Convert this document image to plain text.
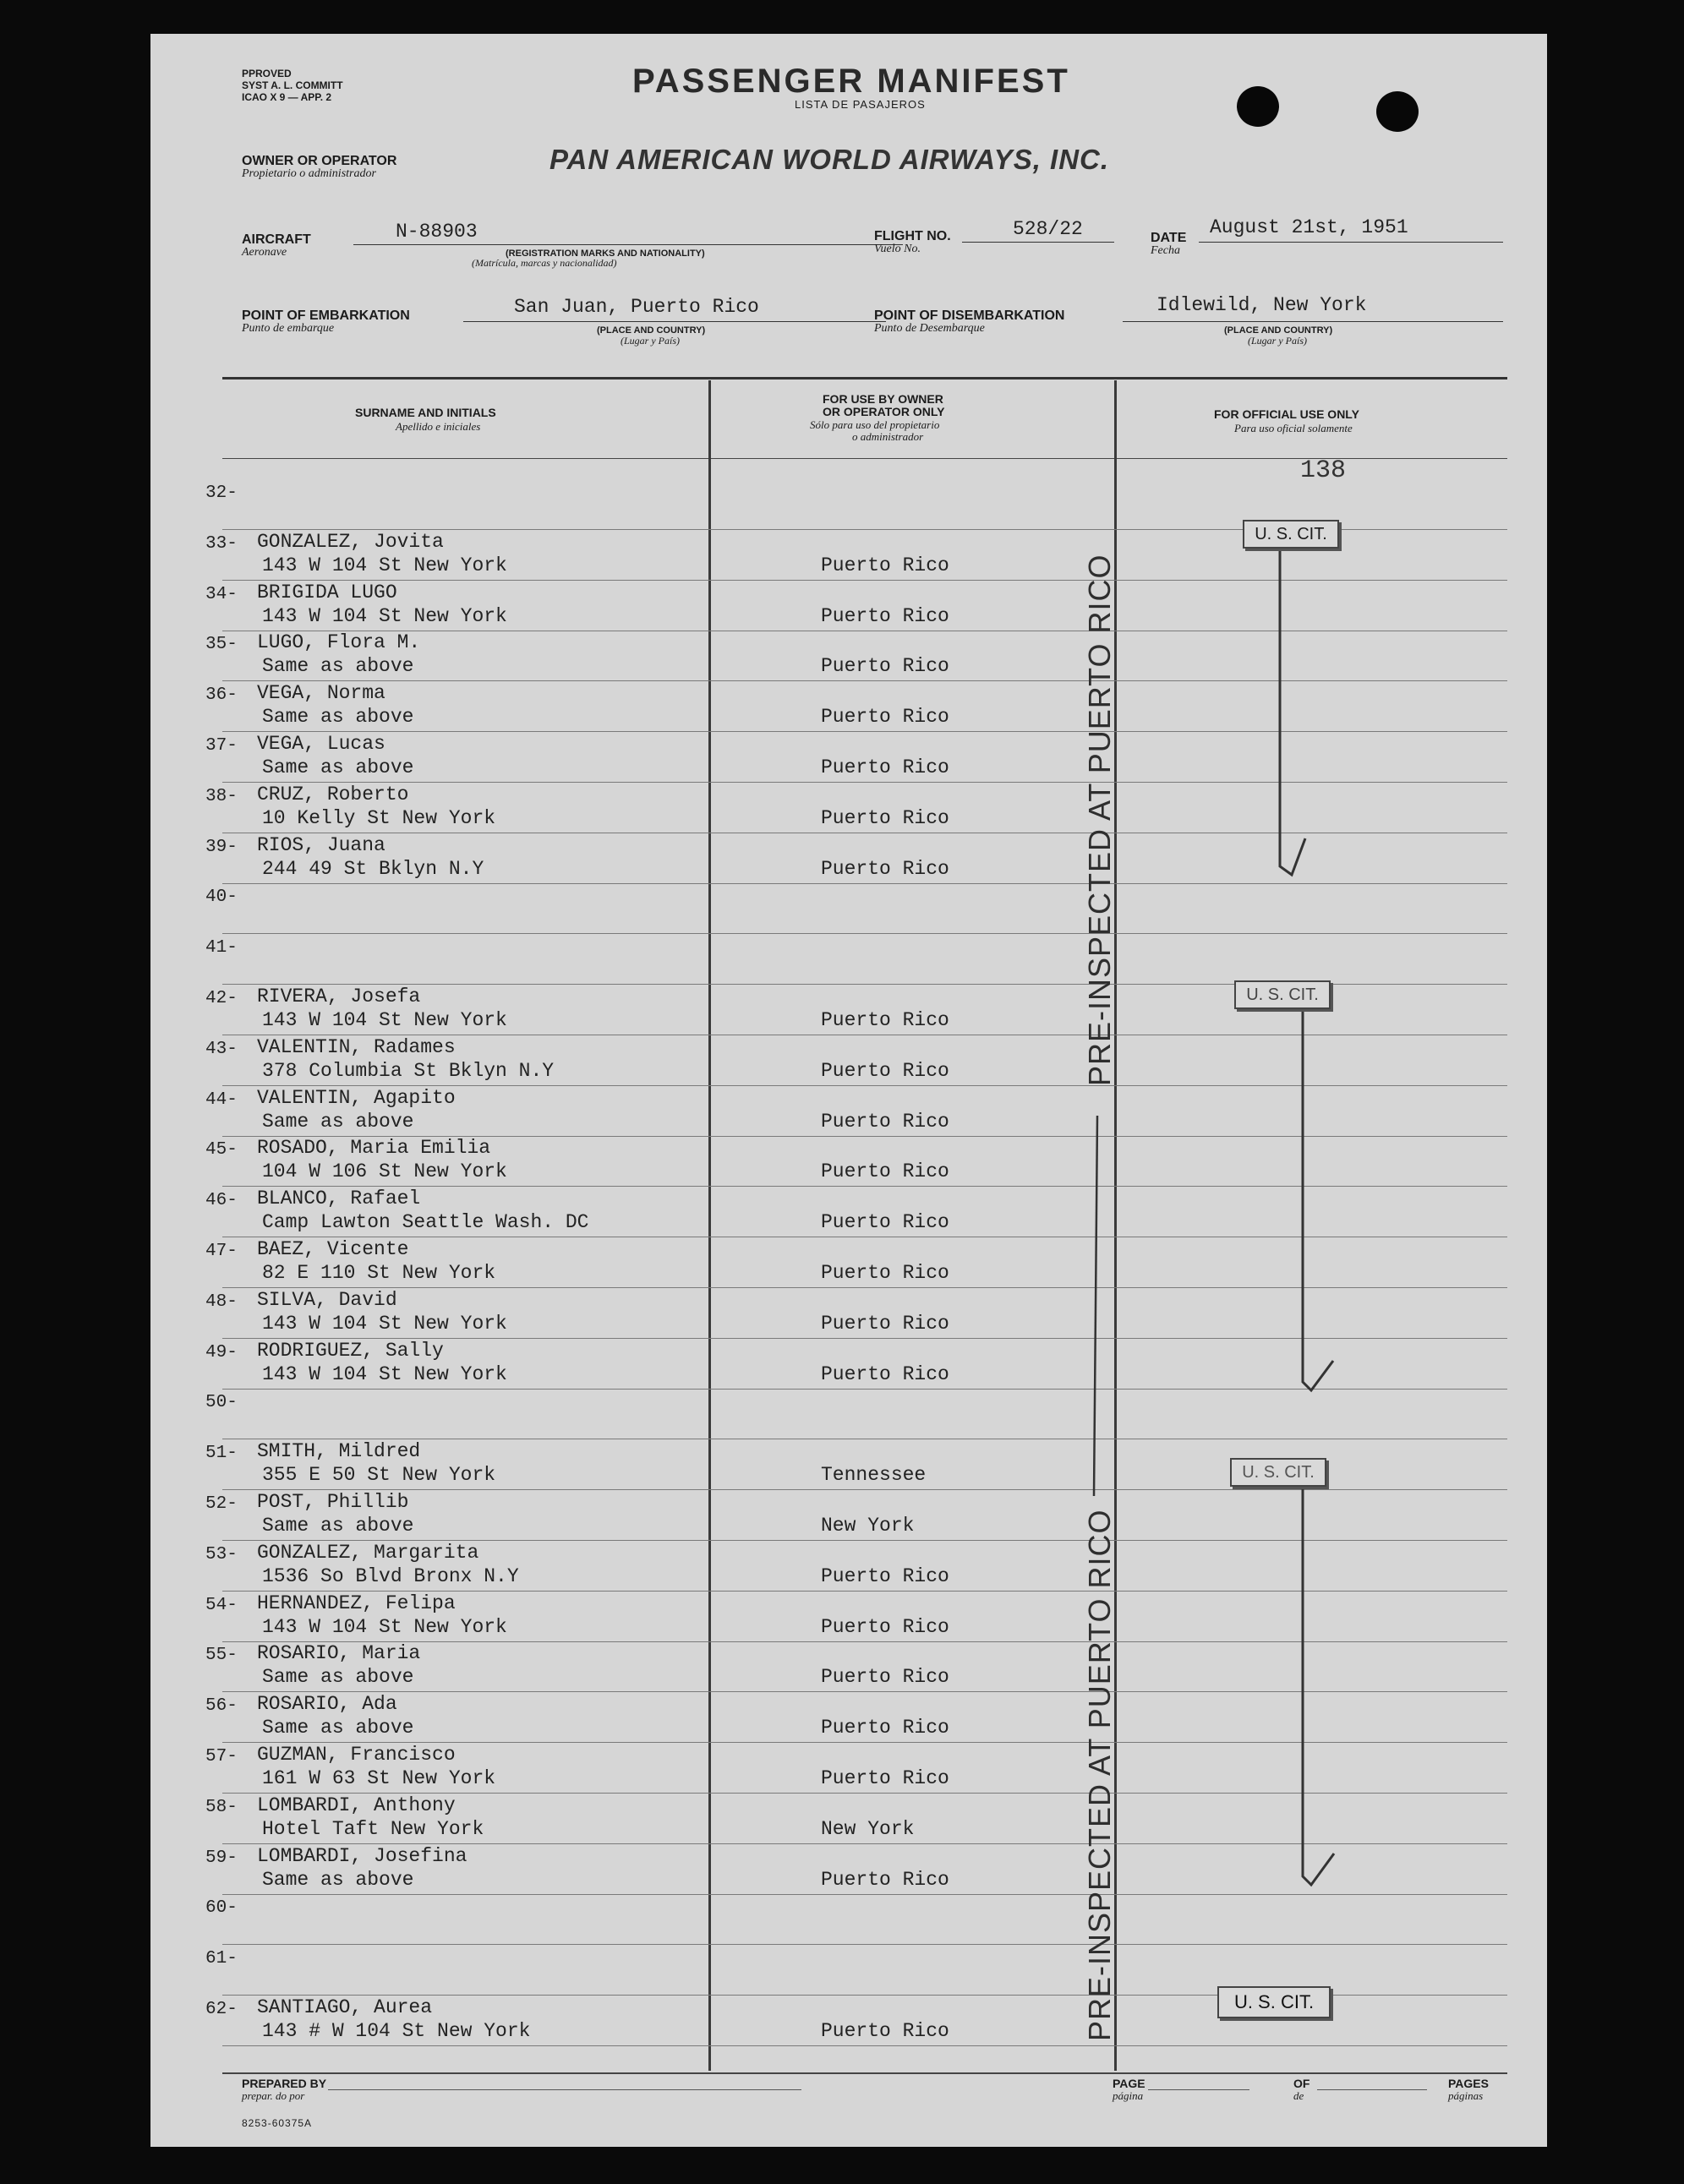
PPROVED
SYST A. L. COMMITT
ICAO X 9 — APP. 2	PASSENGER MANIFEST
LISTA DE PASAJEROS
OWNER OR OPERATOR
Propietario o administrador	PAN AMERICAN WORLD AIRWAYS, INC.
AIRCRAFT
Aeronave
N-88903
(REGISTRATION MARKS AND NATIONALITY)
(Matrícula, marcas y nacionalidad)
FLIGHT NO.
Vuelo No.
528/22	DATE
Fecha
August 21st, 1951
POINT OF EMBARKATION
Punto de embarque
San Juan, Puerto Rico
(PLACE AND COUNTRY)
(Lugar y País)
POINT OF DISEMBARKATION
Punto de Desembarque
Idlewild, New York
(PLACE AND COUNTRY)
(Lugar y País)
SURNAME AND INITIALS
Apellido e iniciales
FOR USE BY OWNER
OR OPERATOR ONLY
Sólo para uso del propietario
o administrador
FOR OFFICIAL USE ONLY
Para uso oficial solamente
138
32-
33- GONZALEZ, Jovita
143 W 104 St New York	Puerto Rico
34- BRIGIDA LUGO
143 W 104 St New York	Puerto Rico
35- LUGO, Flora M.
Same as above	Puerto Rico
36- VEGA, Norma
Same as above	Puerto Rico
37- VEGA, Lucas
Same as above	Puerto Rico
38- CRUZ, Roberto
10 Kelly St New York	Puerto Rico
39- RIOS, Juana
244 49 St Bklyn N.Y	Puerto Rico
40-
41-
42- RIVERA, Josefa
143 W 104 St New York	Puerto Rico
43- VALENTIN, Radames
378 Columbia St Bklyn N.Y	Puerto Rico
44- VALENTIN, Agapito
Same as above	Puerto Rico
45- ROSADO, Maria Emilia
104 W 106 St New York	Puerto Rico
46- BLANCO, Rafael
Camp Lawton Seattle Wash. DC	Puerto Rico
47- BAEZ, Vicente
82 E 110 St New York	Puerto Rico
48- SILVA, David
143 W 104 St New York	Puerto Rico
49- RODRIGUEZ, Sally
143 W 104 St New York	Puerto Rico
50-
51- SMITH, Mildred
355 E 50 St New York	Tennessee
52- POST, Phillib
Same as above	New York
53- GONZALEZ, Margarita
1536 So Blvd Bronx N.Y	Puerto Rico
54- HERNANDEZ, Felipa
143 W 104 St New York	Puerto Rico
55- ROSARIO, Maria
Same as above	Puerto Rico
56- ROSARIO, Ada
Same as above	Puerto Rico
57- GUZMAN, Francisco
161 W 63 St New York	Puerto Rico
58- LOMBARDI, Anthony
Hotel Taft New York	New York
59- LOMBARDI, Josefina
Same as above	Puerto Rico
60-
61-
62- SANTIAGO, Aurea
143 # W 104 St New York	Puerto Rico
PRE-INSPECTED AT PUERTO RICO
PRE-INSPECTED AT PUERTO RICO
U. S. CIT.
U. S. CIT.
U. S. CIT.
U. S. CIT.
PREPARED BY
prepar. do por
PAGE
página
OF
de
PAGES
páginas
8253-60375A
